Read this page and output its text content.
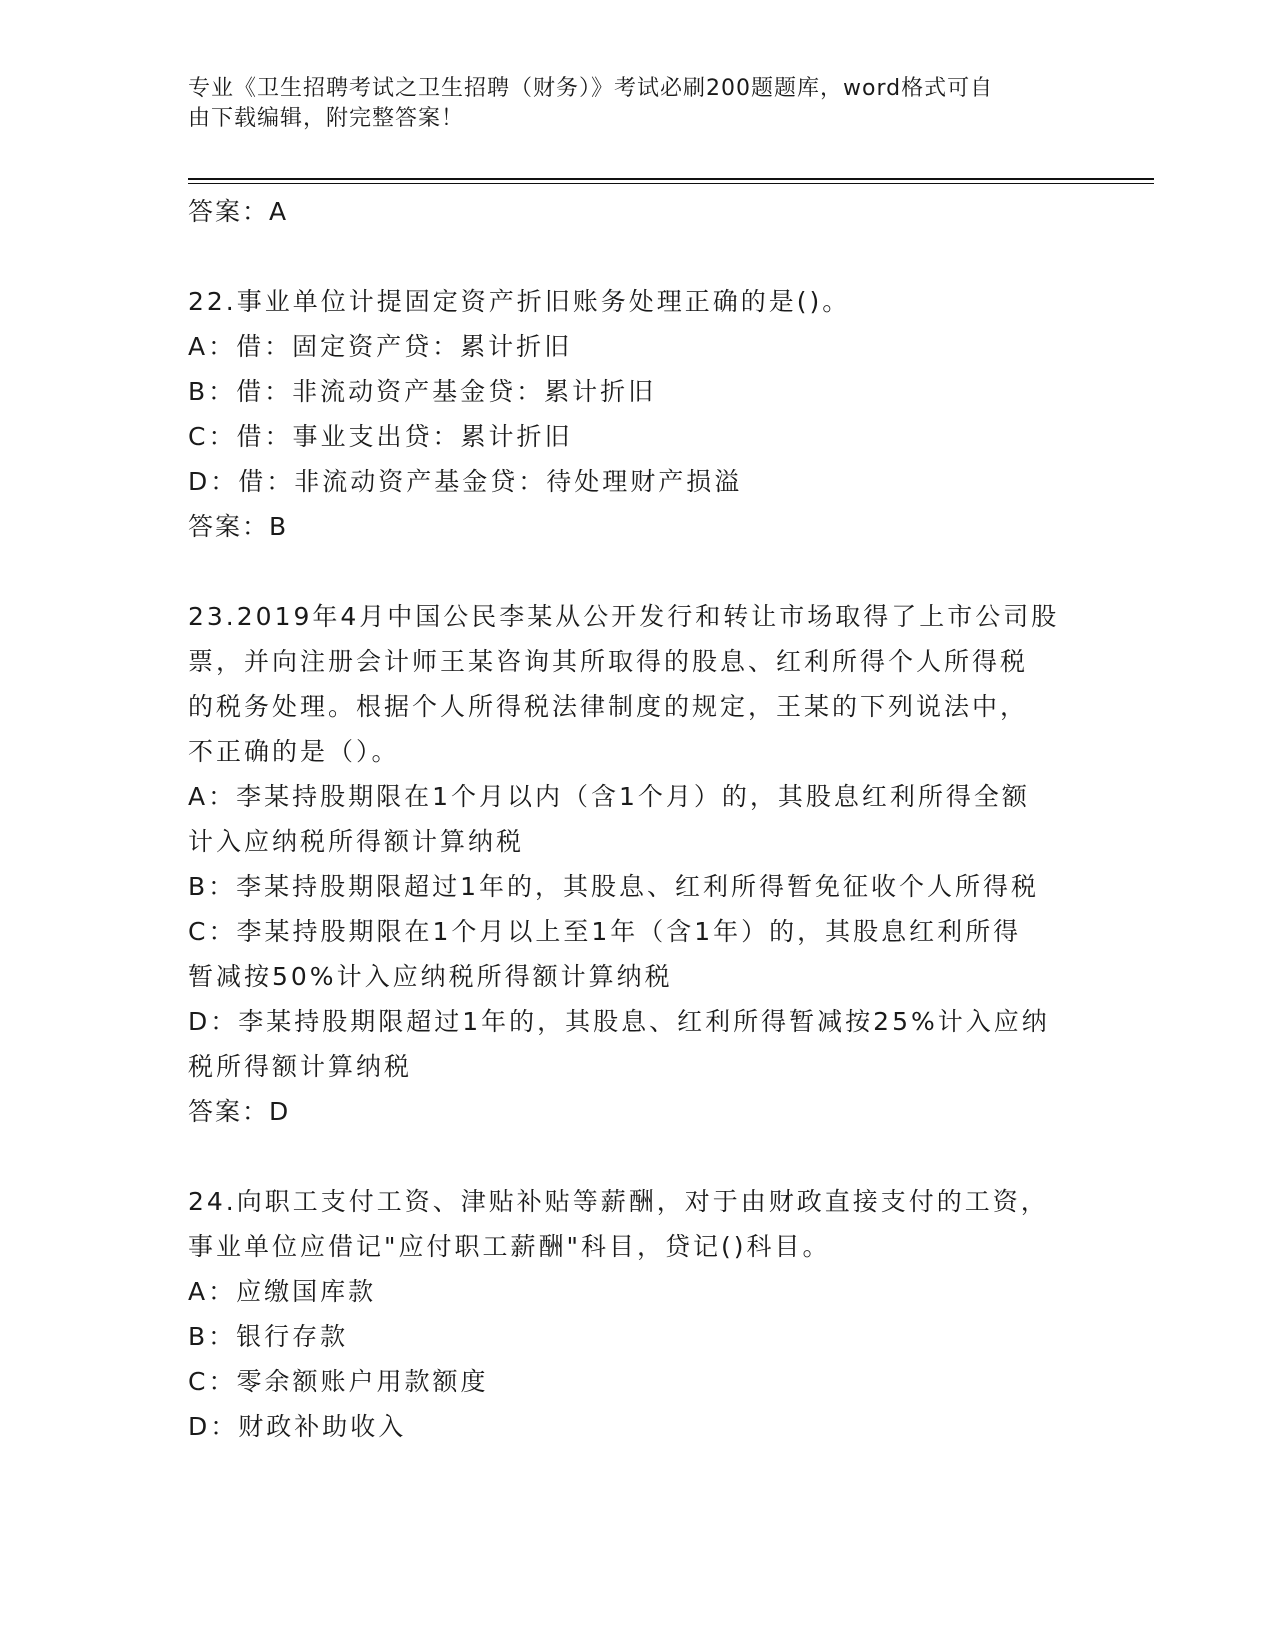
专业《卫生招聘考试之卫生招聘（财务）》考试必刷200题题库，word格式可自
由下载编辑，附完整答案！
答案：A
22.事业单位计提固定资产折旧账务处理正确的是()。
A：借：固定资产贷：累计折旧
B：借：非流动资产基金贷：累计折旧
C：借：事业支出贷：累计折旧
D：借：非流动资产基金贷：待处理财产损溢
答案：B
23.2019年4月中国公民李某从公开发行和转让市场取得了上市公司股
票，并向注册会计师王某咨询其所取得的股息、红利所得个人所得税
的税务处理。根据个人所得税法律制度的规定，王某的下列说法中，
不正确的是（）。
A：李某持股期限在1个月以内（含1个月）的，其股息红利所得全额
计入应纳税所得额计算纳税
B：李某持股期限超过1年的，其股息、红利所得暂免征收个人所得税
C：李某持股期限在1个月以上至1年（含1年）的，其股息红利所得
暂减按50%计入应纳税所得额计算纳税
D：李某持股期限超过1年的，其股息、红利所得暂减按25%计入应纳
税所得额计算纳税
答案：D
24.向职工支付工资、津贴补贴等薪酬，对于由财政直接支付的工资，
事业单位应借记"应付职工薪酬"科目，贷记()科目。
A：应缴国库款
B：银行存款
C：零余额账户用款额度
D：财政补助收入
